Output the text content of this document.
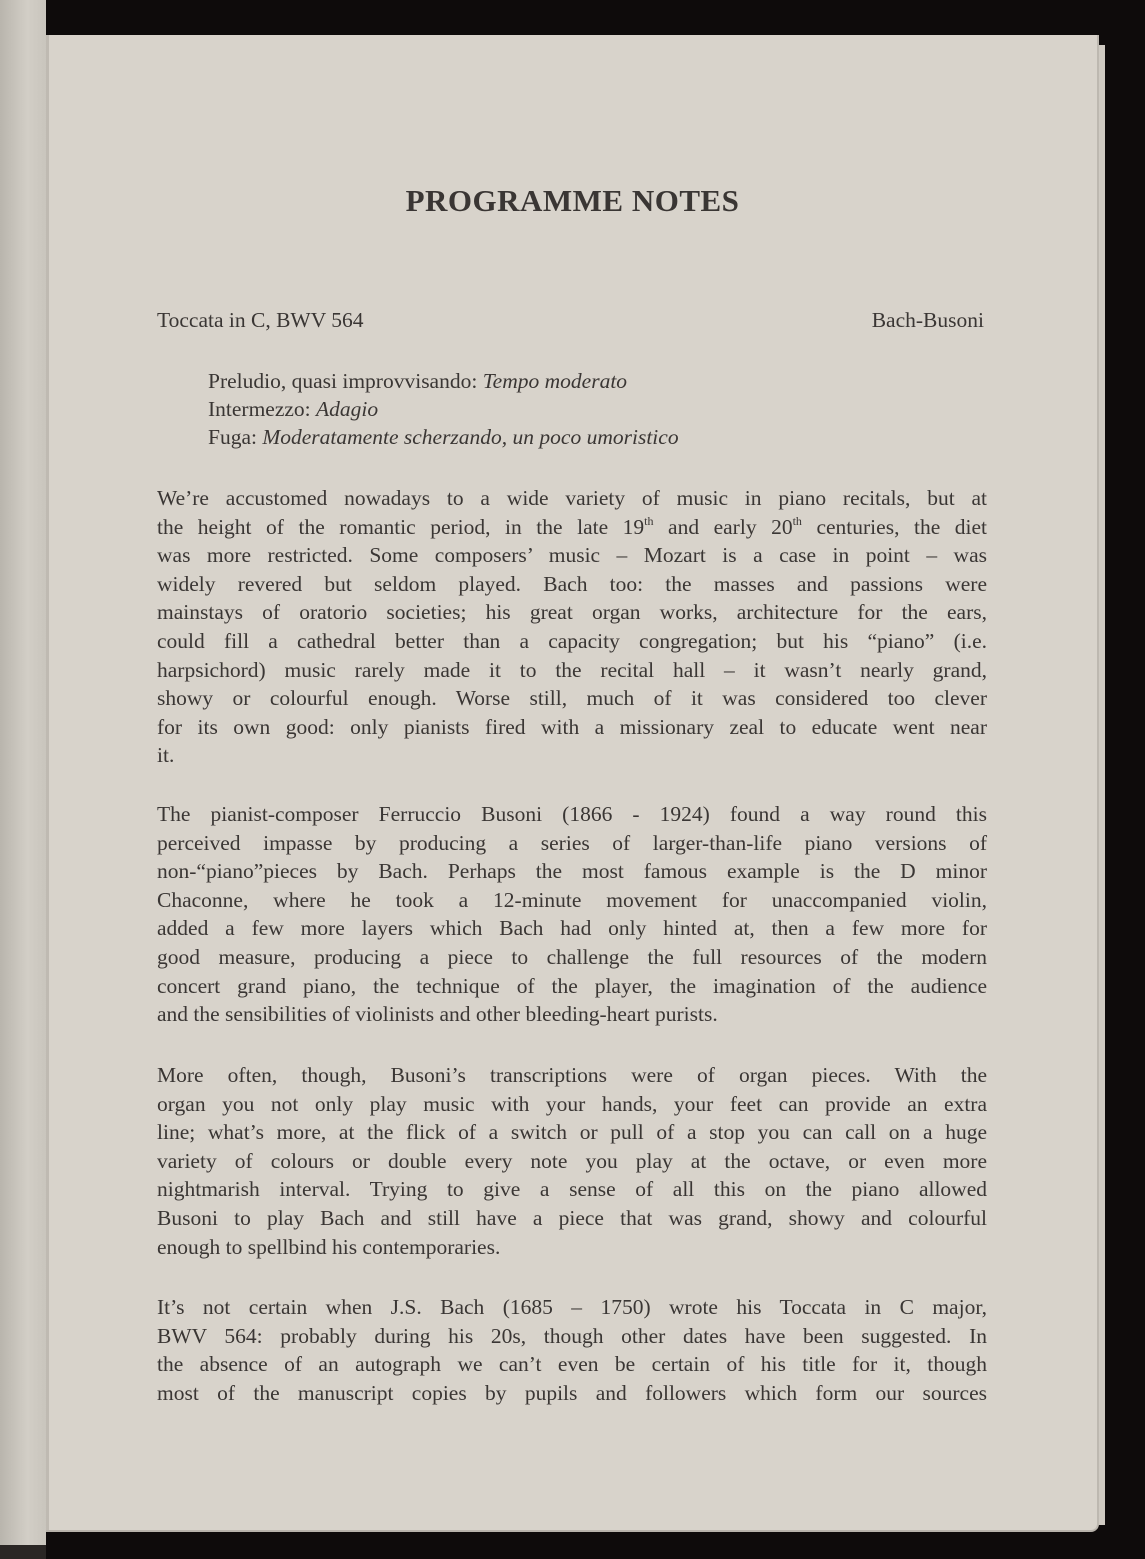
PROGRAMME NOTES
Toccata in C, BWV 564	Bach-Busoni
Preludio, quasi improvvisando: Tempo moderato
Intermezzo: Adagio
Fuga: Moderatamente scherzando, un poco umoristico
We’re accustomed nowadays to a wide variety of music in piano recitals, but at
the height of the romantic period, in the late 19th and early 20th centuries, the diet
was more restricted. Some composers’ music – Mozart is a case in point – was
widely revered but seldom played. Bach too: the masses and passions were
mainstays of oratorio societies; his great organ works, architecture for the ears,
could fill a cathedral better than a capacity congregation; but his “piano” (i.e.
harpsichord) music rarely made it to the recital hall – it wasn’t nearly grand,
showy or colourful enough. Worse still, much of it was considered too clever
for its own good: only pianists fired with a missionary zeal to educate went near
it.
The pianist-composer Ferruccio Busoni (1866 - 1924) found a way round this
perceived impasse by producing a series of larger-than-life piano versions of
non-“piano”pieces by Bach. Perhaps the most famous example is the D minor
Chaconne, where he took a 12-minute movement for unaccompanied violin,
added a few more layers which Bach had only hinted at, then a few more for
good measure, producing a piece to challenge the full resources of the modern
concert grand piano, the technique of the player, the imagination of the audience
and the sensibilities of violinists and other bleeding-heart purists.
More often, though, Busoni’s transcriptions were of organ pieces. With the
organ you not only play music with your hands, your feet can provide an extra
line; what’s more, at the flick of a switch or pull of a stop you can call on a huge
variety of colours or double every note you play at the octave, or even more
nightmarish interval. Trying to give a sense of all this on the piano allowed
Busoni to play Bach and still have a piece that was grand, showy and colourful
enough to spellbind his contemporaries.
It’s not certain when J.S. Bach (1685 – 1750) wrote his Toccata in C major,
BWV 564: probably during his 20s, though other dates have been suggested. In
the absence of an autograph we can’t even be certain of his title for it, though
most of the manuscript copies by pupils and followers which form our sources
